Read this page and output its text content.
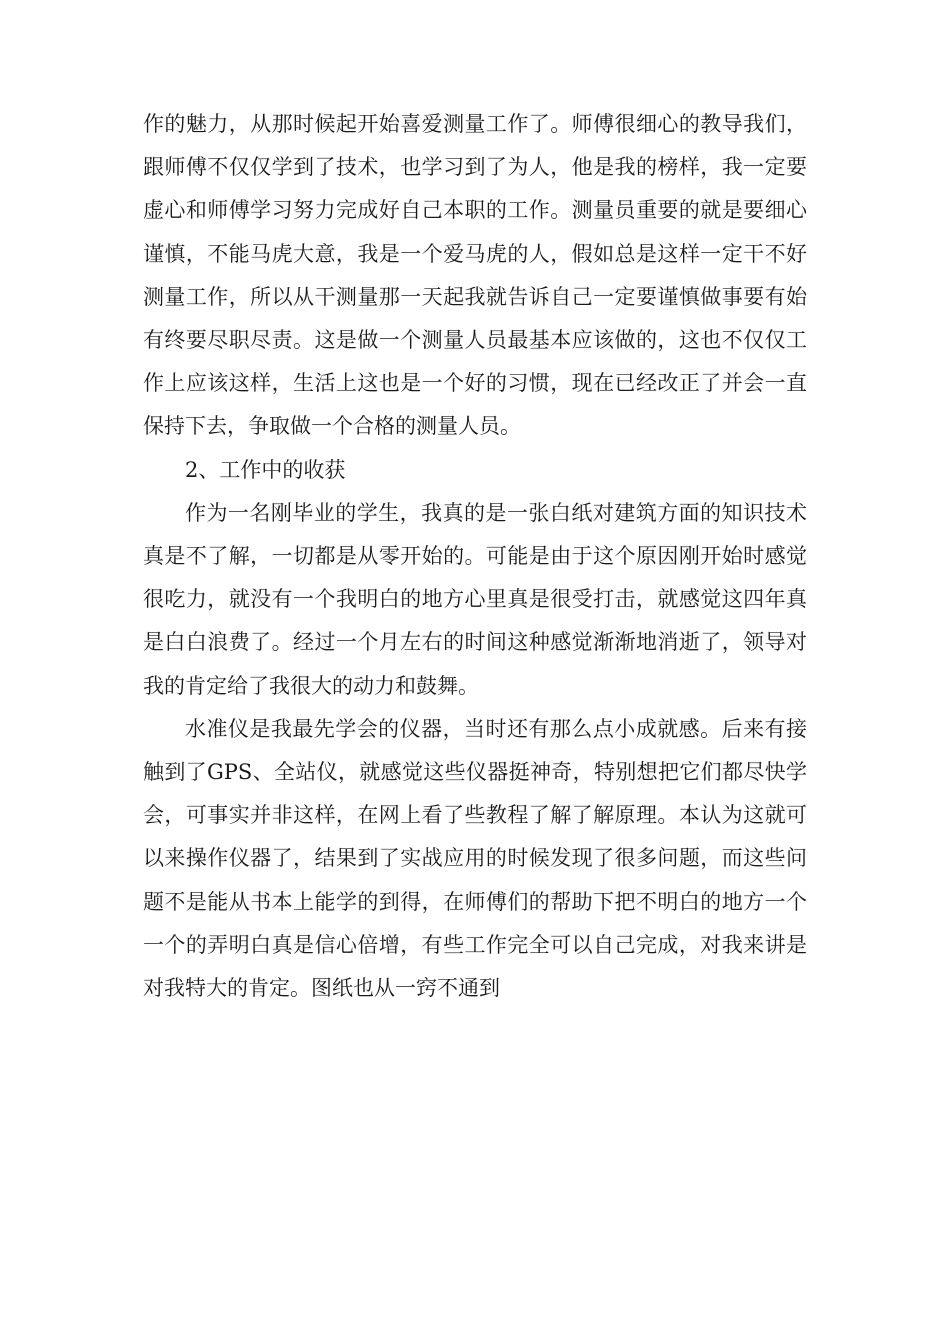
作的魅力，从那时候起开始喜爱测量工作了。师傅很细心的教导我们，跟师傅不仅仅学到了技术，也学习到了为人，他是我的榜样，我一定要虚心和师傅学习努力完成好自己本职的工作。测量员重要的就是要细心谨慎，不能马虎大意，我是一个爱马虎的人，假如总是这样一定干不好测量工作，所以从干测量那一天起我就告诉自己一定要谨慎做事要有始有终要尽职尽责。这是做一个测量人员最基本应该做的，这也不仅仅工作上应该这样，生活上这也是一个好的习惯，现在已经改正了并会一直保持下去，争取做一个合格的测量人员。

2、工作中的收获

作为一名刚毕业的学生，我真的是一张白纸对建筑方面的知识技术真是不了解，一切都是从零开始的。可能是由于这个原因刚开始时感觉很吃力，就没有一个我明白的地方心里真是很受打击，就感觉这四年真是白白浪费了。经过一个月左右的时间这种感觉渐渐地消逝了，领导对我的肯定给了我很大的动力和鼓舞。

水准仪是我最先学会的仪器，当时还有那么点小成就感。后来有接触到了GPS、全站仪，就感觉这些仪器挺神奇，特别想把它们都尽快学会，可事实并非这样，在网上看了些教程了解了解原理。本认为这就可以来操作仪器了，结果到了实战应用的时候发现了很多问题，而这些问题不是能从书本上能学的到得，在师傅们的帮助下把不明白的地方一个一个的弄明白真是信心倍增，有些工作完全可以自己完成，对我来讲是对我特大的肯定。图纸也从一窍不通到
